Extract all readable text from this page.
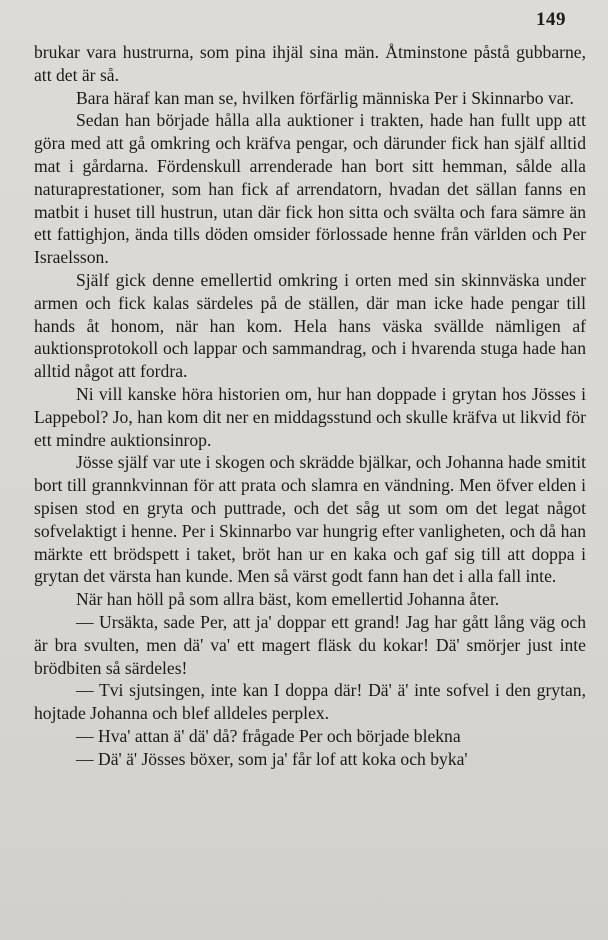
149

brukar vara hustrurna, som pina ihjäl sina män. Åtminstone påstå gubbarne, att det är så.

Bara häraf kan man se, hvilken förfärlig människa Per i Skinnarbo var.

Sedan han började hålla alla auktioner i trakten, hade han fullt upp att göra med att gå omkring och kräfva pengar, och därunder fick han själf alltid mat i gårdarna. Fördenskull arrenderade han bort sitt hemman, sålde alla naturaprestationer, som han fick af arrendatorn, hvadan det sällan fanns en matbit i huset till hustrun, utan där fick hon sitta och svälta och fara sämre än ett fattighjon, ända tills döden omsider förlossade henne från världen och Per Israelsson.

Själf gick denne emellertid omkring i orten med sin skinnväska under armen och fick kalas särdeles på de ställen, där man icke hade pengar till hands åt honom, när han kom. Hela hans väska svällde nämligen af auktionsprotokoll och lappar och sammandrag, och i hvarenda stuga hade han alltid något att fordra.

Ni vill kanske höra historien om, hur han doppade i grytan hos Jösses i Lappebol? Jo, han kom dit ner en middagsstund och skulle kräfva ut likvid för ett mindre auktionsinrop.

Jösse själf var ute i skogen och skrädde bjälkar, och Johanna hade smitit bort till grannkvinnan för att prata och slamra en vändning. Men öfver elden i spisen stod en gryta och puttrade, och det såg ut som om det legat något sofvelaktigt i henne. Per i Skinnarbo var hungrig efter vanligheten, och då han märkte ett brödspett i taket, bröt han ur en kaka och gaf sig till att doppa i grytan det värsta han kunde. Men så värst godt fann han det i alla fall inte.

När han höll på som allra bäst, kom emellertid Johanna åter.

— Ursäkta, sade Per, att ja' doppar ett grand! Jag har gått lång väg och är bra svulten, men dä' va' ett magert fläsk du kokar! Dä' smörjer just inte brödbiten så särdeles!

— Tvi sjutsingen, inte kan I doppa där! Dä' ä' inte sofvel i den grytan, hojtade Johanna och blef alldeles perplex.

— Hva' attan ä' dä' då? frågade Per och började blekna

— Dä' ä' Jösses böxer, som ja' får lof att koka och byka'
